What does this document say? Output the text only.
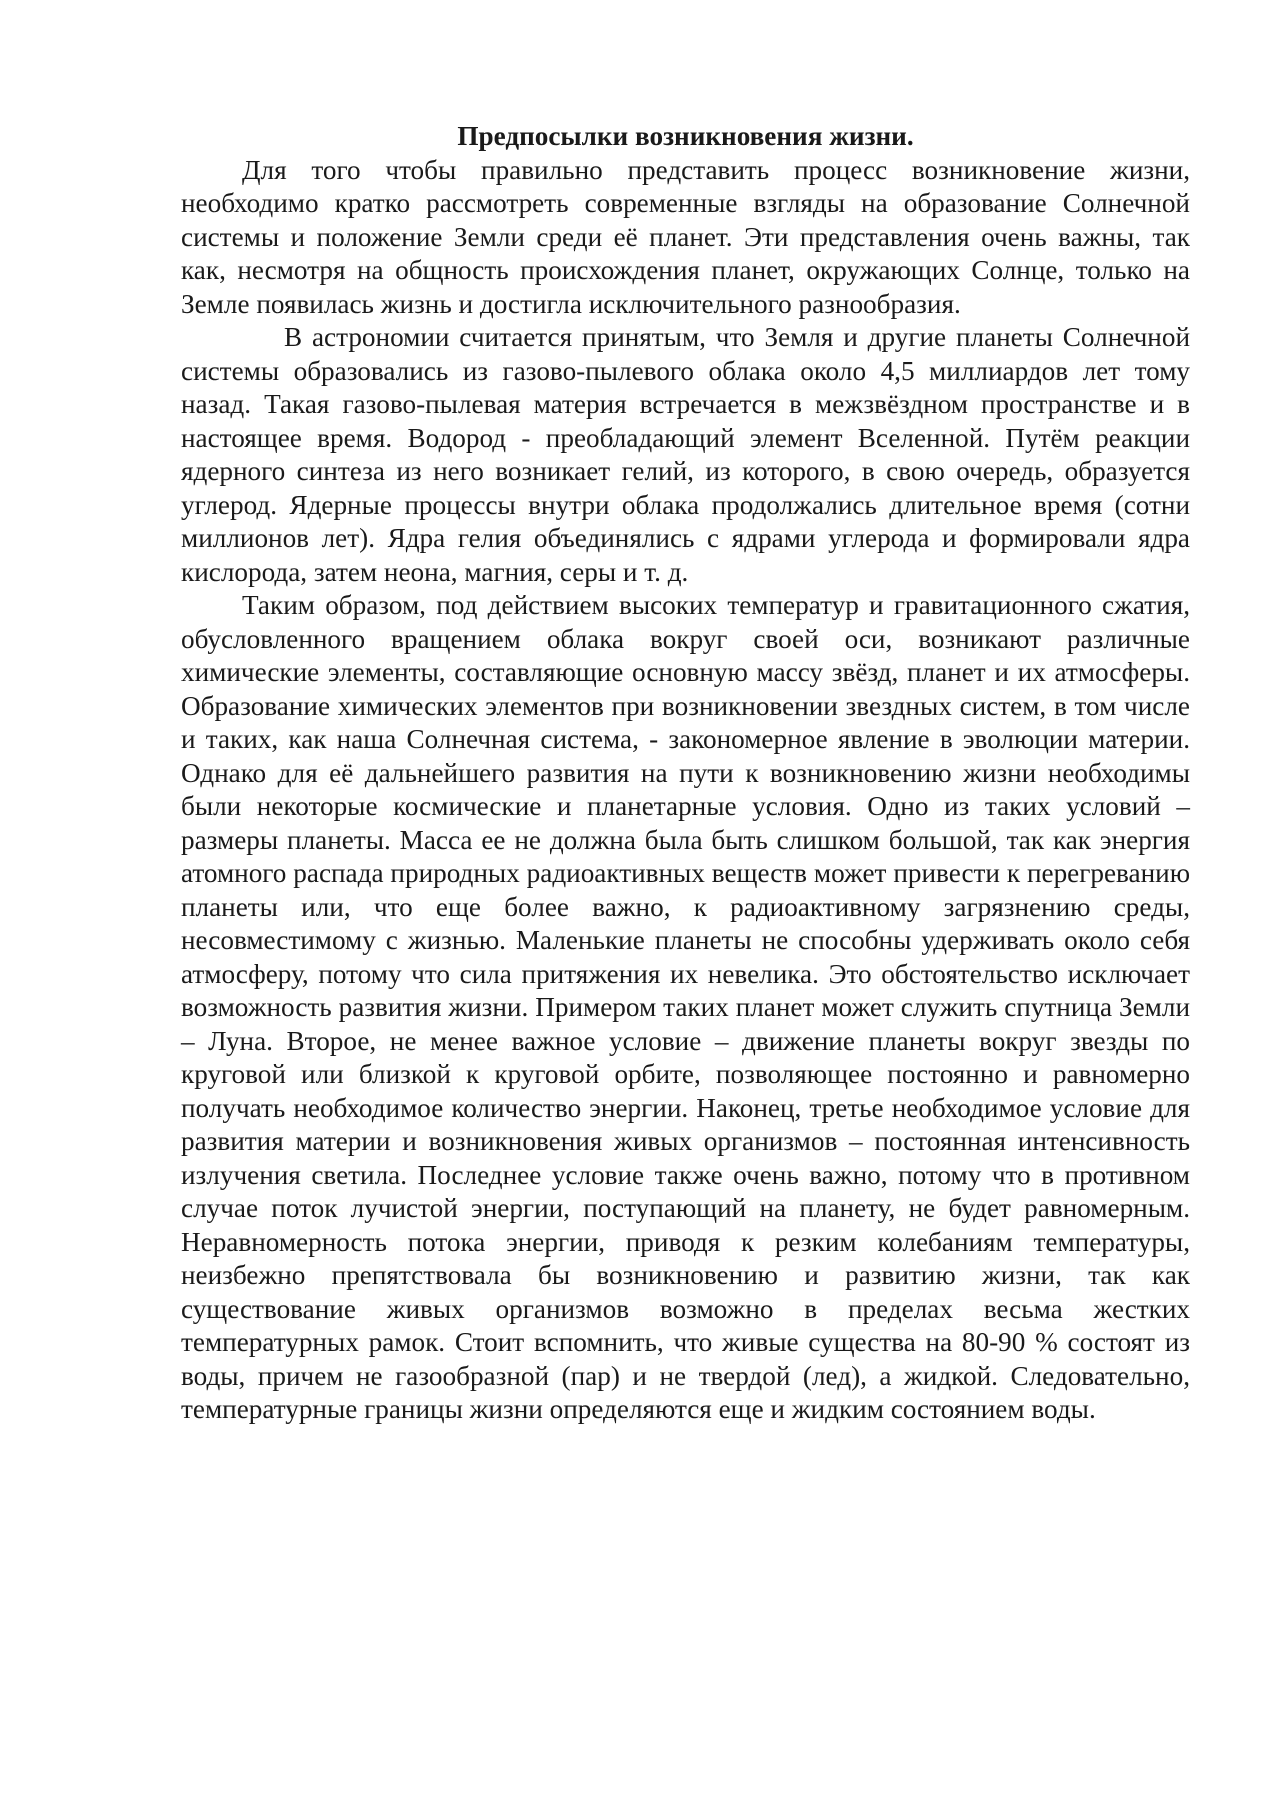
Предпосылки возникновения жизни.

Для того чтобы правильно представить процесс возникновение жизни, необходимо кратко рассмотреть современные взгляды на образование Солнечной системы и положение Земли среди её планет. Эти представления очень важны, так как, несмотря на общность происхождения планет, окружающих Солнце, только на Земле появилась жизнь и достигла исключительного разнообразия.

В астрономии считается принятым, что Земля и другие планеты Солнечной системы образовались из газово-пылевого облака около 4,5 миллиардов лет тому назад. Такая газово-пылевая материя встречается в межзвёздном пространстве и в настоящее время. Водород - преобладающий элемент Вселенной. Путём реакции ядерного синтеза из него возникает гелий, из которого, в свою очередь, образуется углерод. Ядерные процессы внутри облака продолжались длительное время (сотни миллионов лет). Ядра гелия объединялись с ядрами углерода и формировали ядра кислорода, затем неона, магния, серы и т. д.

Таким образом, под действием высоких температур и гравитационного сжатия, обусловленного вращением облака вокруг своей оси, возникают различные химические элементы, составляющие основную массу звёзд, планет и их атмосферы. Образование химических элементов при возникновении звездных систем, в том числе и таких, как наша Солнечная система, - закономерное явление в эволюции материи. Однако для её дальнейшего развития на пути к возникновению жизни необходимы были некоторые космические и планетарные условия. Одно из таких условий – размеры планеты. Масса ее не должна была быть слишком большой, так как энергия атомного распада природных радиоактивных веществ может привести к перегреванию планеты или, что еще более важно, к радиоактивному загрязнению среды, несовместимому с жизнью. Маленькие планеты не способны удерживать около себя атмосферу, потому что сила притяжения их невелика. Это обстоятельство исключает возможность развития жизни. Примером таких планет может служить спутница Земли – Луна. Второе, не менее важное условие – движение планеты вокруг звезды по круговой или близкой к круговой орбите, позволяющее постоянно и равномерно получать необходимое количество энергии. Наконец, третье необходимое условие для развития материи и возникновения живых организмов – постоянная интенсивность излучения светила. Последнее условие также очень важно, потому что в противном случае поток лучистой энергии, поступающий на планету, не будет равномерным. Неравномерность потока энергии, приводя к резким колебаниям температуры, неизбежно препятствовала бы возникновению и развитию жизни, так как существование живых организмов возможно в пределах весьма жестких температурных рамок. Стоит вспомнить, что живые существа на 80-90 % состоят из воды, причем не газообразной (пар) и не твердой (лед), а жидкой. Следовательно, температурные границы жизни определяются еще и жидким состоянием воды.
